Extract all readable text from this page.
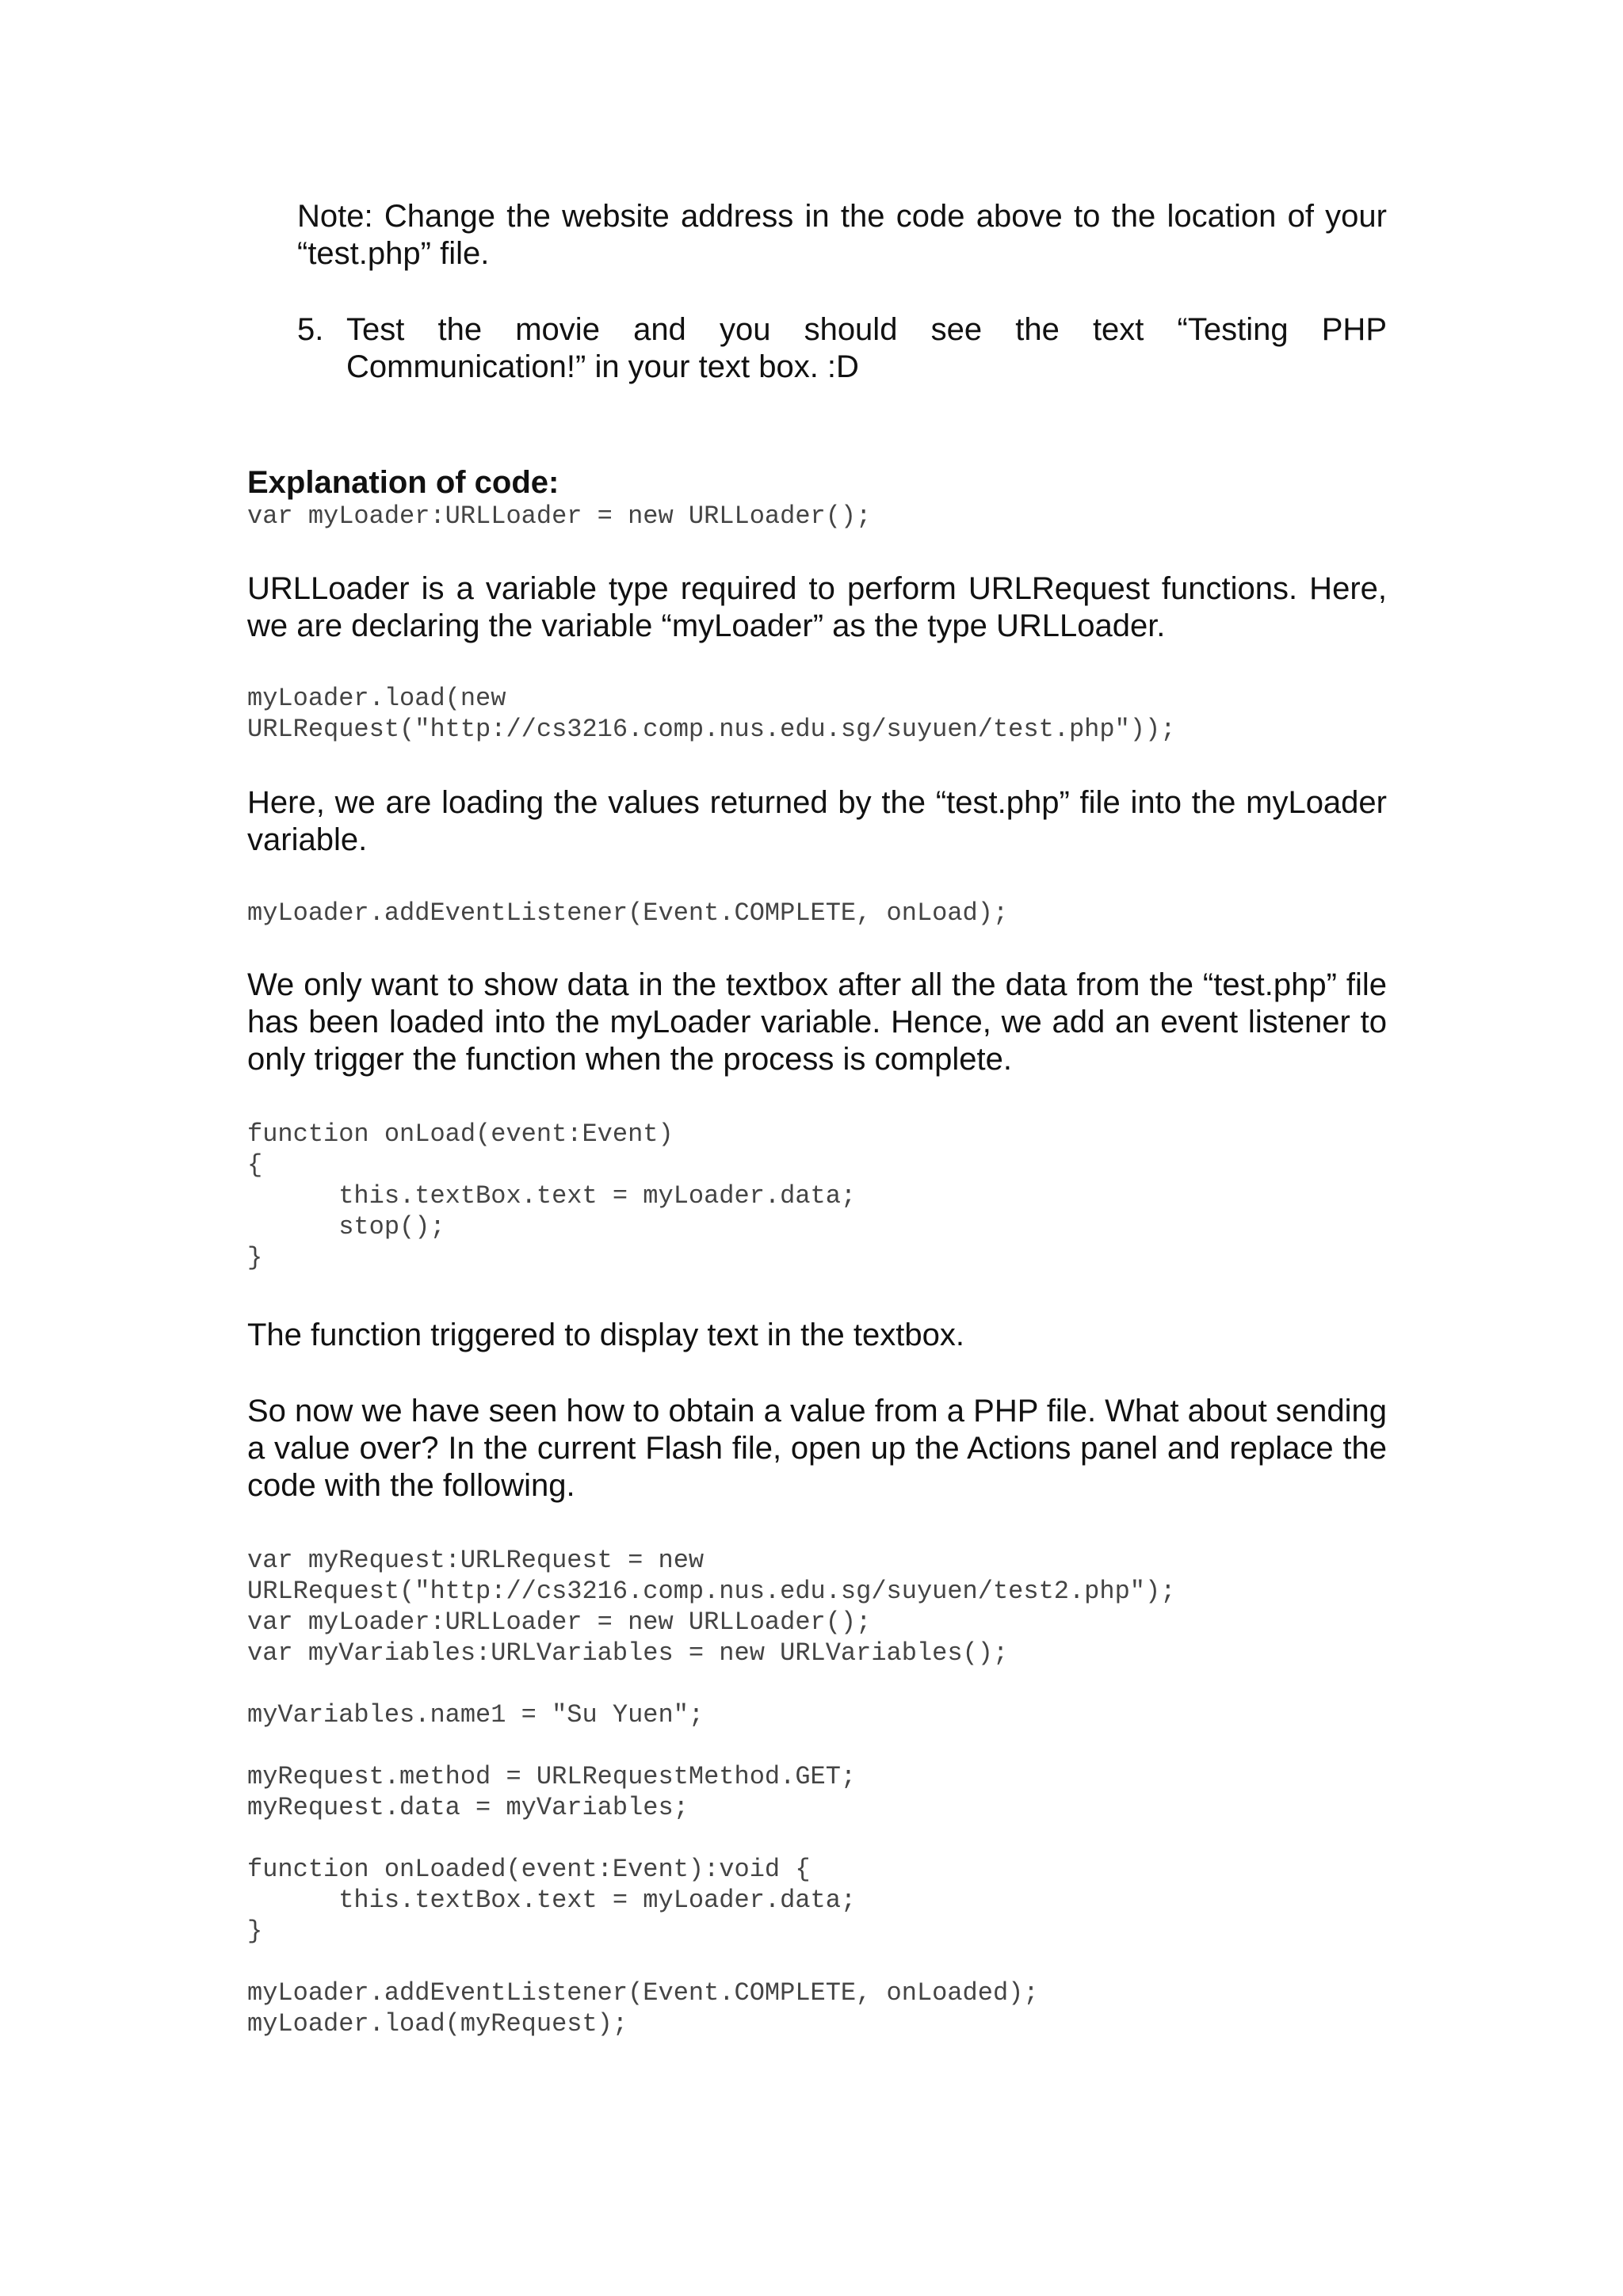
Note: Change the website address in the code above to the location of your “test.php” file.

5. Test the movie and you should see the text “Testing PHP Communication!” in your text box. :D

Explanation of code:

var myLoader:URLLoader = new URLLoader();

URLLoader is a variable type required to perform URLRequest functions. Here, we are declaring the variable “myLoader” as the type URLLoader.

myLoader.load(new
URLRequest("http://cs3216.comp.nus.edu.sg/suyuen/test.php"));

Here, we are loading the values returned by the “test.php” file into the myLoader variable.

myLoader.addEventListener(Event.COMPLETE, onLoad);

We only want to show data in the textbox after all the data from the “test.php” file has been loaded into the myLoader variable. Hence, we add an event listener to only trigger the function when the process is complete.

function onLoad(event:Event)
{
this.textBox.text = myLoader.data;
stop();
}

The function triggered to display text in the textbox.

So now we have seen how to obtain a value from a PHP file. What about sending a value over? In the current Flash file, open up the Actions panel and replace the code with the following.

var myRequest:URLRequest = new
URLRequest("http://cs3216.comp.nus.edu.sg/suyuen/test2.php");
var myLoader:URLLoader = new URLLoader();
var myVariables:URLVariables = new URLVariables();

myVariables.name1 = "Su Yuen";

myRequest.method = URLRequestMethod.GET;
myRequest.data = myVariables;

function onLoaded(event:Event):void {
this.textBox.text = myLoader.data;
}

myLoader.addEventListener(Event.COMPLETE, onLoaded);
myLoader.load(myRequest);
